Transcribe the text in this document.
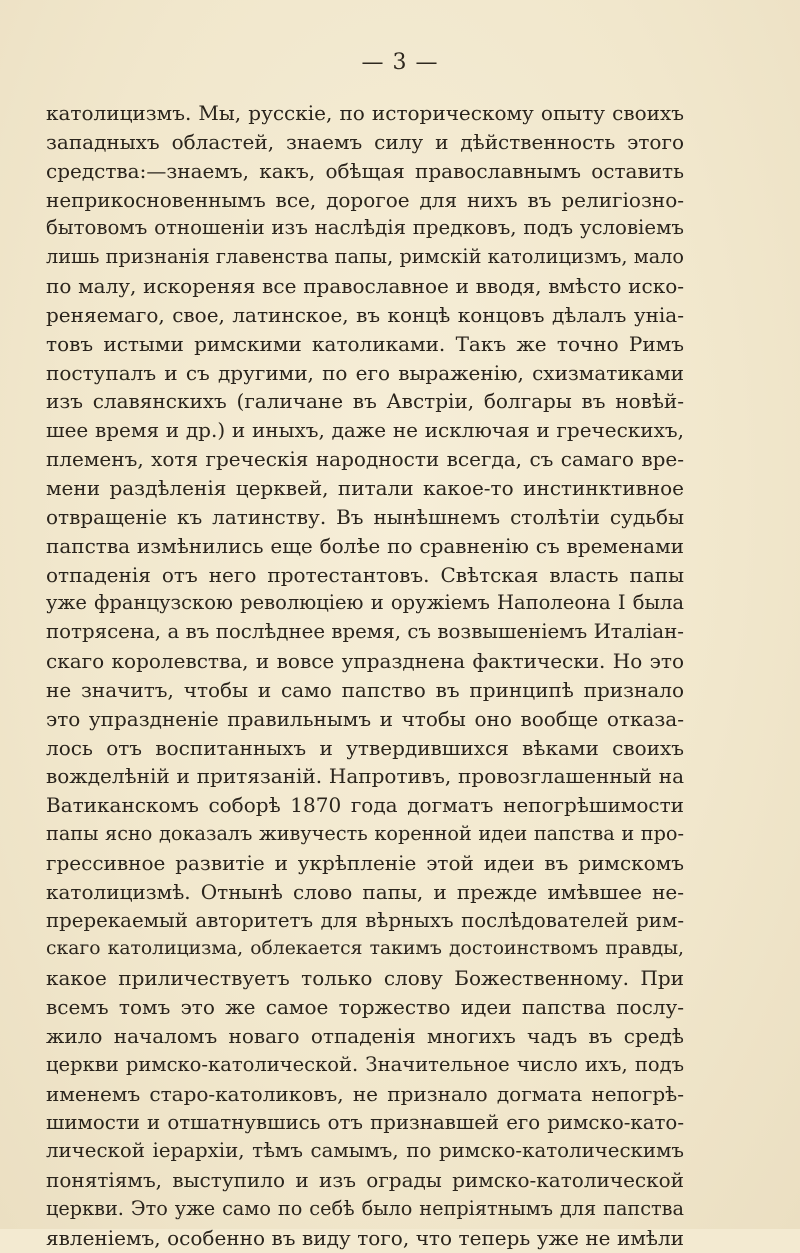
— 3 —
католицизмъ. Мы, русскіе, по историческому опыту своихъ
западныхъ областей, знаемъ силу и дѣйственность этого
средства:—знаемъ, какъ, обѣщая православнымъ оставить
неприкосновеннымъ все, дорогое для нихъ въ религіозно-
бытовомъ отношеніи изъ наслѣдія предковъ, подъ условіемъ
лишь признанія главенства папы, римскій католицизмъ, мало
по малу, искореняя все православное и вводя, вмѣсто иско-
реняемаго, свое, латинское, въ концѣ концовъ дѣлалъ уніа-
товъ истыми римскими католиками. Такъ же точно Римъ
поступалъ и съ другими, по его выраженію, схизматиками
изъ славянскихъ (галичане въ Австріи, болгары въ новѣй-
шее время и др.) и иныхъ, даже не исключая и греческихъ,
племенъ, хотя греческія народности всегда, съ самаго вре-
мени раздѣленія церквей, питали какое-то инстинктивное
отвращеніе къ латинству. Въ нынѣшнемъ столѣтіи судьбы
папства измѣнились еще болѣе по сравненію съ временами
отпаденія отъ него протестантовъ. Свѣтская власть папы
уже французскою революціею и оружіемъ Наполеона I была
потрясена, а въ послѣднее время, съ возвышеніемъ Италіан-
скаго королевства, и вовсе упразднена фактически. Но это
не значитъ, чтобы и само папство въ принципѣ признало
это упраздненіе правильнымъ и чтобы оно вообще отказа-
лось отъ воспитанныхъ и утвердившихся вѣками своихъ
вожделѣній и притязаній. Напротивъ, провозглашенный на
Ватиканскомъ соборѣ 1870 года догматъ непогрѣшимости
папы ясно доказалъ живучесть коренной идеи папства и про-
грессивное развитіе и укрѣпленіе этой идеи въ римскомъ
католицизмѣ. Отнынѣ слово папы, и прежде имѣвшее не-
пререкаемый авторитетъ для вѣрныхъ послѣдователей рим-
скаго католицизма, облекается такимъ достоинствомъ правды,
какое приличествуетъ только слову Божественному. При
всемъ томъ это же самое торжество идеи папства послу-
жило началомъ новаго отпаденія многихъ чадъ въ средѣ
церкви римско-католической. Значительное число ихъ, подъ
именемъ старо-католиковъ, не признало догмата непогрѣ-
шимости и отшатнувшись отъ признавшей его римско-като-
лической іерархіи, тѣмъ самымъ, по римско-католическимъ
понятіямъ, выступило и изъ ограды римско-католической
церкви. Это уже само по себѣ было непріятнымъ для папства
явленіемъ, особенно въ виду того, что теперь уже не имѣли
